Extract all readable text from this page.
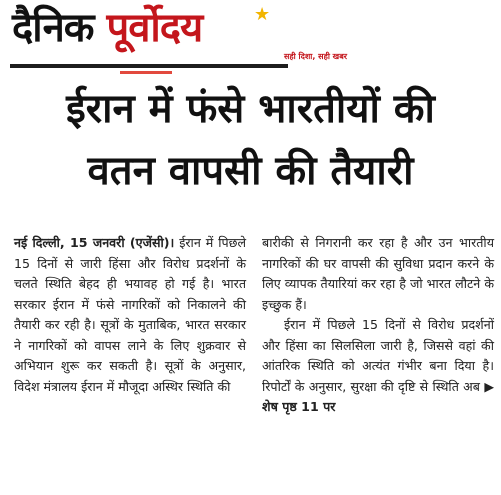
दैनिक पूर्वोदय	★
सही दिशा, सही खबर
ईरान में फंसे भारतीयों की
वतन वापसी की तैयारी

नई दिल्ली, 15 जनवरी (एजेंसी)। ईरान में पिछले 15 दिनों से जारी हिंसा और विरोध प्रदर्शनों के चलते स्थिति बेहद ही भयावह हो गई है। भारत सरकार ईरान में फंसे नागरिकों को निकालने की तैयारी कर रही है। सूत्रों के मुताबिक, भारत सरकार ने नागरिकों को वापस लाने के लिए शुक्रवार से अभियान शुरू कर सकती है। सूत्रों के अनुसार, विदेश मंत्रालय ईरान में मौजूदा अस्थिर स्थिति की

बारीकी से निगरानी कर रहा है और उन भारतीय नागरिकों की घर वापसी की सुविधा प्रदान करने के लिए व्यापक तैयारियां कर रहा है जो भारत लौटने के इच्छुक हैं।

ईरान में पिछले 15 दिनों से विरोध प्रदर्शनों और हिंसा का सिलसिला जारी है, जिससे वहां की आंतरिक स्थिति को अत्यंत गंभीर बना दिया है। रिपोर्टों के अनुसार, सुरक्षा की दृष्टि से स्थिति अब ▶ शेष पृष्ठ 11 पर
